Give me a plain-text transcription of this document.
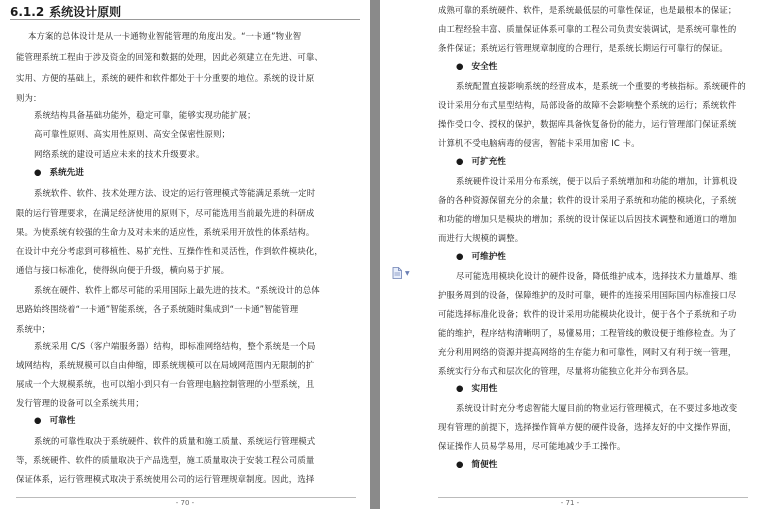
6.1.2 系统设计原则
本方案的总体设计是从一卡通物业智能管理的角度出发。“一卡通”物业智
能管理系统工程由于涉及资金的回笼和数据的处理，因此必须建立在先进、可靠、
实用、方便的基础上，系统的硬件和软件都处于十分重要的地位。系统的设计原
则为：
系统结构具备基础功能外，稳定可靠，能够实现功能扩展；
高可靠性原则、高实用性原则、高安全保密性原则；
网络系统的建设可适应未来的技术升级要求。
● 系统先进
系统软件、软件、技术处理方法、设定的运行管理模式等能满足系统一定时
限的运行管理要求，在满足经济使用的原则下，尽可能选用当前最先进的科研成
果。为使系统有较强的生命力及对未来的适应性，系统采用开放性的体系结构。
在设计中充分考虑到可移植性、易扩充性、互操作性和灵活性，作到软件模块化，
通信与接口标准化，使得纵向便于升级，横向易于扩展。
系统在硬件、软件上都尽可能的采用国际上最先进的技术。“系统设计的总体
思路始终围绕着“一卡通”智能系统，各子系统随时集成到“一卡通”智能管理
系统中；
系统采用 C/S（客户端服务器）结构，即标准网络结构，整个系统是一个局
域网结构，系统规模可以自由伸缩，即系统规模可以在局域网范围内无限制的扩
展成一个大规模系统，也可以缩小到只有一台管理电脑控制管理的小型系统，且
发行管理的设备可以全系统共用；
● 可靠性
系统的可靠性取决于系统硬件、软件的质量和施工质量、系统运行管理模式
等，系统硬件、软件的质量取决于产品选型，施工质量取决于安装工程公司质量
保证体系，运行管理模式取决于系统使用公司的运行管理规章制度。因此，选择
- 70 -
成熟可靠的系统硬件、软件，是系统最低层的可靠性保证，也是最根本的保证；
由工程经验丰富、质量保证体系可靠的工程公司负责安装调试，是系统可靠性的
条件保证；系统运行管理规章制度的合理行，是系统长期运行可靠行的保证。
● 安全性
系统配置直接影响系统的经营成本，是系统一个重要的考核指标。系统硬件的
设计采用分布式星型结构，局部设备的故障不会影响整个系统的运行；系统软件
操作受口令、授权的保护，数据库具备恢复备份的能力，运行管理部门保证系统
计算机不受电脑病毒的侵害，智能卡采用加密 IC 卡。
● 可扩充性
系统硬件设计采用分布系统，便于以后子系统增加和功能的增加，计算机设
备的各种资源保留充分的余量；软件的设计采用子系统和功能的模块化，子系统
和功能的增加只是模块的增加；系统的设计保证以后因技术调整和通道口的增加
而进行大规模的调整。
● 可维护性
尽可能选用模块化设计的硬件设备，降低维护成本，选择技术力量雄厚、维
护服务周到的设备，保障维护的及时可靠，硬件的连接采用国际国内标准接口尽
可能选择标准化设备；软件的设计采用功能模块化设计，便于各个子系统和子功
能的维护，程序结构清晰明了，易懂易用；工程管线的敷设便于维修检查。为了
充分利用网络的资源并提高网络的生存能力和可靠性，网时又有利于统一管理，
系统实行分布式和层次化的管理，尽量将功能独立化并分布到各层。
● 实用性
系统设计时充分考虑智能大厦目前的物业运行管理模式，在不要过多地改变
现有管理的前提下，选择操作简单方便的硬件设备，选择友好的中文操作界面，
保证操作人员易学易用，尽可能地减少手工操作。
● 简便性
- 71 -
▼
